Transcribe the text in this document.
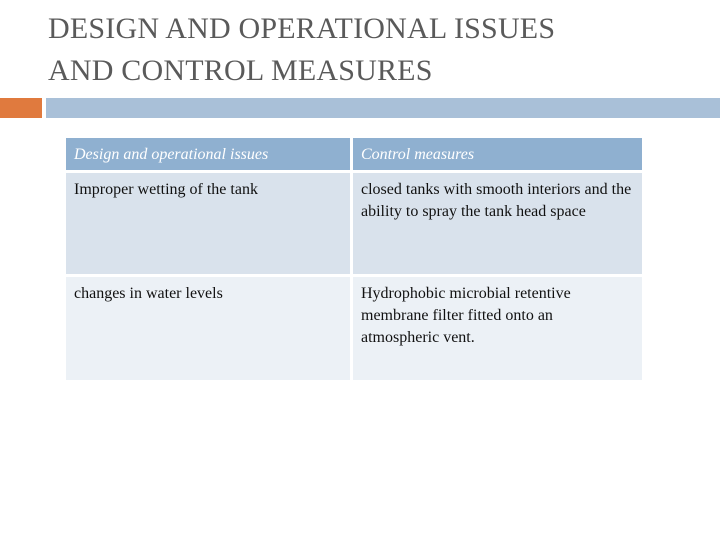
DESIGN AND OPERATIONAL ISSUES
AND CONTROL MEASURES
Design and operational issues	Control measures
Improper wetting of the tank	closed tanks with smooth interiors and the ability to spray the tank head space
changes in water levels	Hydrophobic microbial retentive membrane filter fitted onto an atmospheric vent.
